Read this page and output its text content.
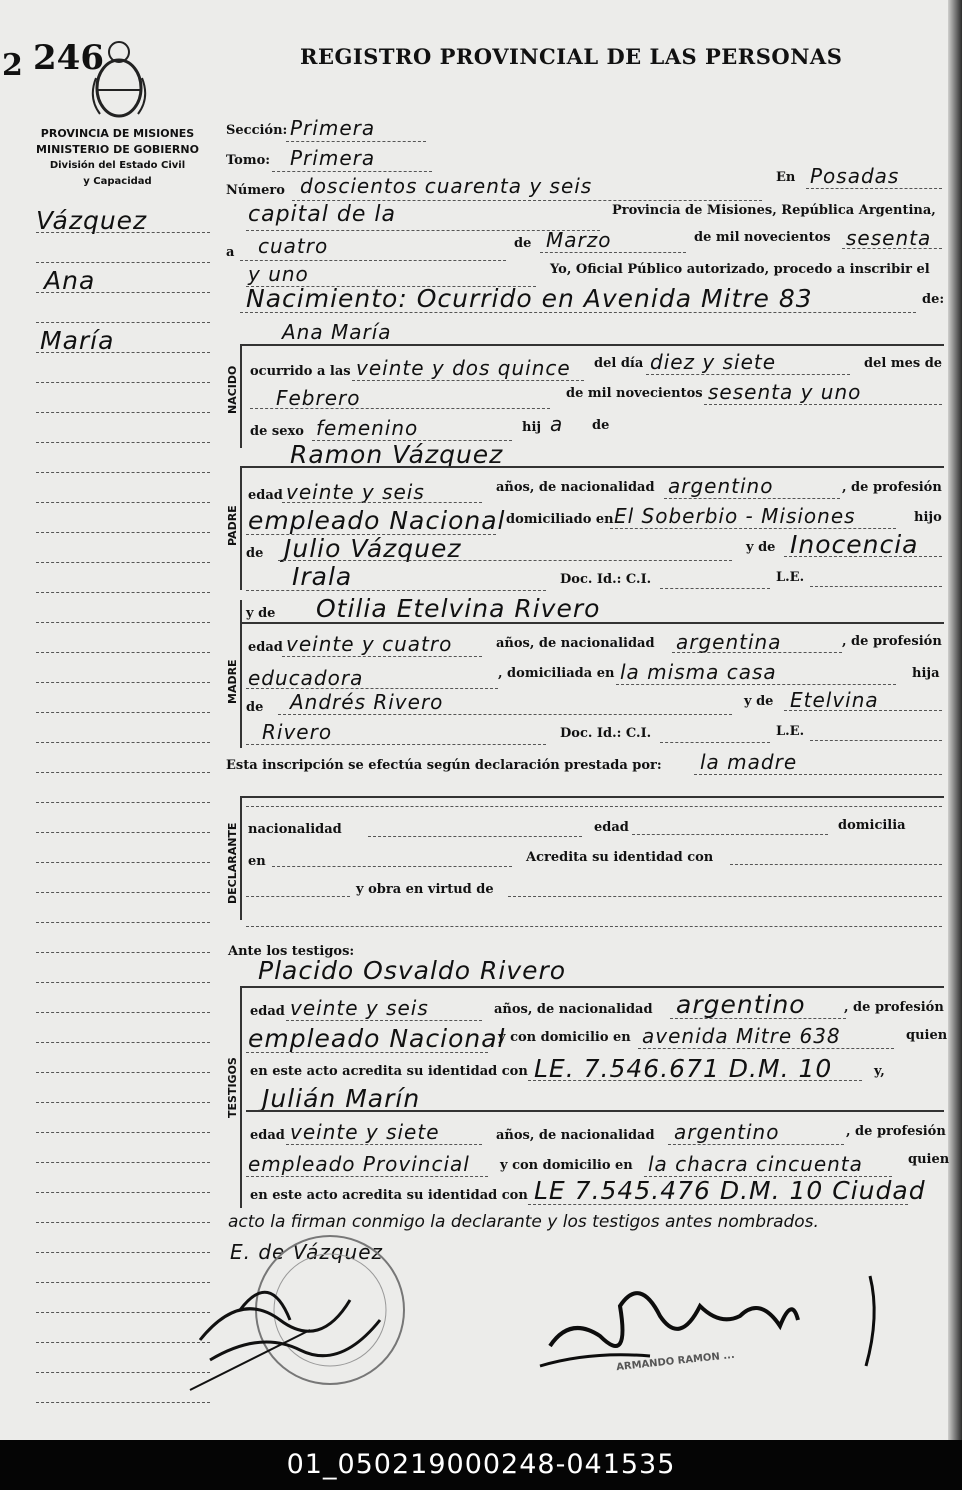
2 246	REGISTRO PROVINCIAL DE LAS PERSONAS
PROVINCIA DE MISIONES
MINISTERIO DE GOBIERNO
División del Estado Civil
y Capacidad
Vázquez
Ana
María
Sección: Primera
Tomo: Primera
Número doscientos cuarenta y seis	En Posadas
capital de la	Provincia de Misiones, República Argentina,
a cuatro	de Marzo	de mil novecientos sesenta
y uno	Yo, Oficial Público autorizado, procedo a inscribir el
Nacimiento: Ocurrido en Avenida Mitre 83	de:
NACIDO
Ana María
ocurrido a las veinte y dos quince del día diez y siete	del mes de
Febrero	de mil novecientos sesenta y uno
de sexo femenino	hij a de
Ramon Vázquez
PADRE
edad veinte y seis	años, de nacionalidad argentino	, de profesión
empleado Nacional domiciliado en El Soberbio - Misiones	hijo
de Julio Vázquez	y de Inocencia
Irala	Doc. Id.: C.I.	L.E.
y de Otilia Etelvina Rivero
MADRE
edad veinte y cuatro	años, de nacionalidad argentina	, de profesión
educadora	, domiciliada en la misma casa	hija
de Andrés Rivero	y de Etelvina
Rivero	Doc. Id.: C.I.	L.E.
Esta inscripción se efectúa según declaración prestada por: la madre
DECLARANTE nacionalidad	edad	domicilia
en	Acredita su identidad con
y obra en virtud de
Ante los testigos:
Placido Osvaldo Rivero
TESTIGOS
edad veinte y seis	años, de nacionalidad argentino	, de profesión
empleado Nacional
y con domicilio en avenida Mitre 638	quien
en este acto acredita su identidad con LE. 7.546.671 D.M. 10	y,
Julián Marín
edad veinte y siete	años, de nacionalidad argentino	, de profesión
empleado Provincial y con domicilio en la chacra cincuenta	quien
en este acto acredita su identidad con LE 7.545.476 D.M. 10 Ciudad
acto la firman conmigo la declarante y los testigos antes nombrados.
E. de Vázquez
ARMANDO RAMON ...
01_050219000248-041535
